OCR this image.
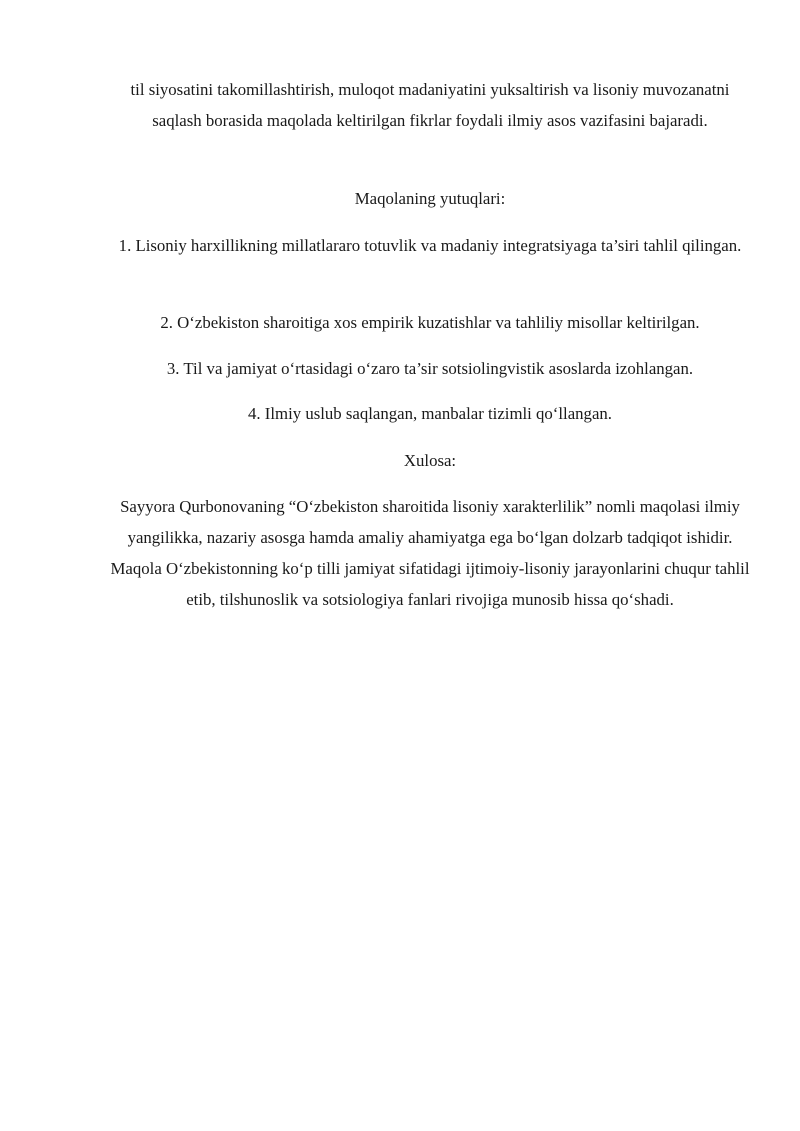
til siyosatini takomillashtirish, muloqot madaniyatini yuksaltirish va lisoniy muvozanatni saqlash borasida maqolada keltirilgan fikrlar foydali ilmiy asos vazifasini bajaradi.

Maqolaning yutuqlari:

1. Lisoniy harxillikning millatlararo totuvlik va madaniy integratsiyaga ta’siri tahlil qilingan.

2. O‘zbekiston sharoitiga xos empirik kuzatishlar va tahliliy misollar keltirilgan.

3. Til va jamiyat o‘rtasidagi o‘zaro ta’sir sotsiolingvistik asoslarda izohlangan.

4. Ilmiy uslub saqlangan, manbalar tizimli qo‘llangan.

Xulosa:

Sayyora Qurbonovaning “O‘zbekiston sharoitida lisoniy xarakterlilik” nomli maqolasi ilmiy yangilikka, nazariy asosga hamda amaliy ahamiyatga ega bo‘lgan dolzarb tadqiqot ishidir. Maqola O‘zbekistonning ko‘p tilli jamiyat sifatidagi ijtimoiy-lisoniy jarayonlarini chuqur tahlil etib, tilshunoslik va sotsiologiya fanlari rivojiga munosib hissa qo‘shadi.
